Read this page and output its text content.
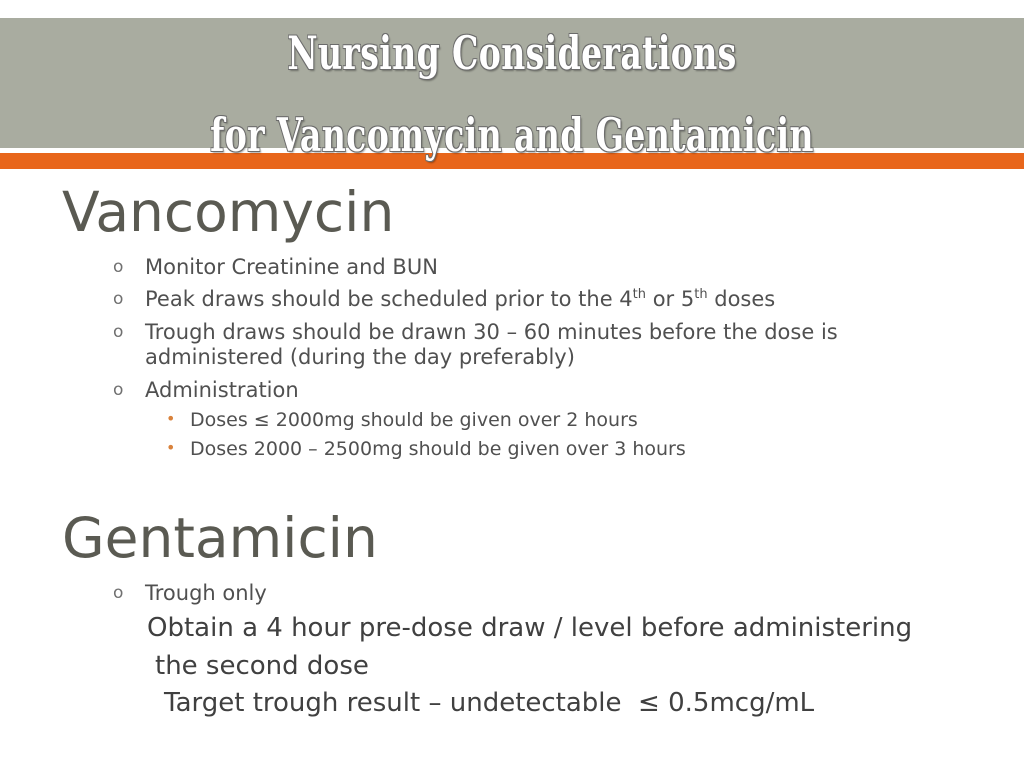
Nursing Considerations
for Vancomycin and Gentamicin
Vancomycin
o Monitor Creatinine and BUN
o Peak draws should be scheduled prior to the 4th or 5th doses
o Trough draws should be drawn 30 – 60 minutes before the dose is
administered (during the day preferably)
o Administration
• Doses ≤ 2000mg should be given over 2 hours
• Doses 2000 – 2500mg should be given over 3 hours
Gentamicin
o Trough only
Obtain a 4 hour pre-dose draw / level before administering
the second dose
Target trough result – undetectable  ≤ 0.5mcg/mL
